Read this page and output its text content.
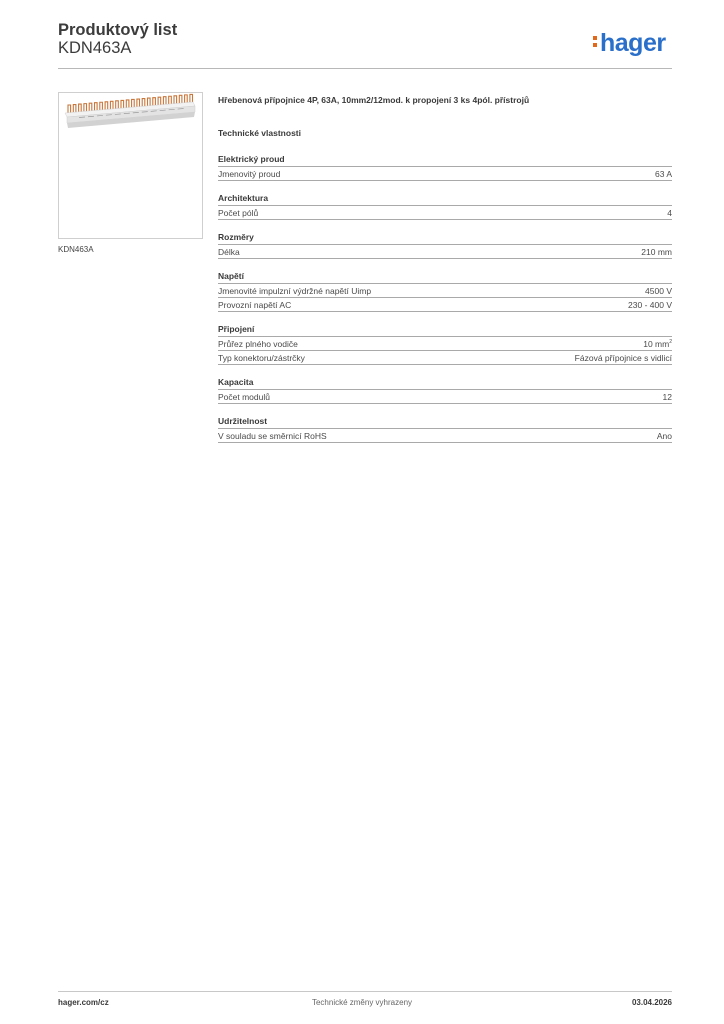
Produktový list
KDN463A	hager
KDN463A
Hřebenová přípojnice 4P, 63A, 10mm2/12mod. k propojení 3 ks 4pól. přístrojů
Technické vlastnosti
Elektrický proud
Jmenovitý proud	63 A
Architektura
Počet pólů	4
Rozměry
Délka	210 mm
Napětí
Jmenovité impulzní výdržné napětí Uimp	4500 V
Provozní napětí AC	230 - 400 V
Připojení
Průřez plného vodiče	10 $mm^2$
Typ konektoru/zástrčky	Fázová přípojnice s vidlicí
Kapacita
Počet modulů	12
Udržitelnost
V souladu se směrnicí RoHS	Ano
hager.com/cz	Technické změny vyhrazeny	03.04.2026
